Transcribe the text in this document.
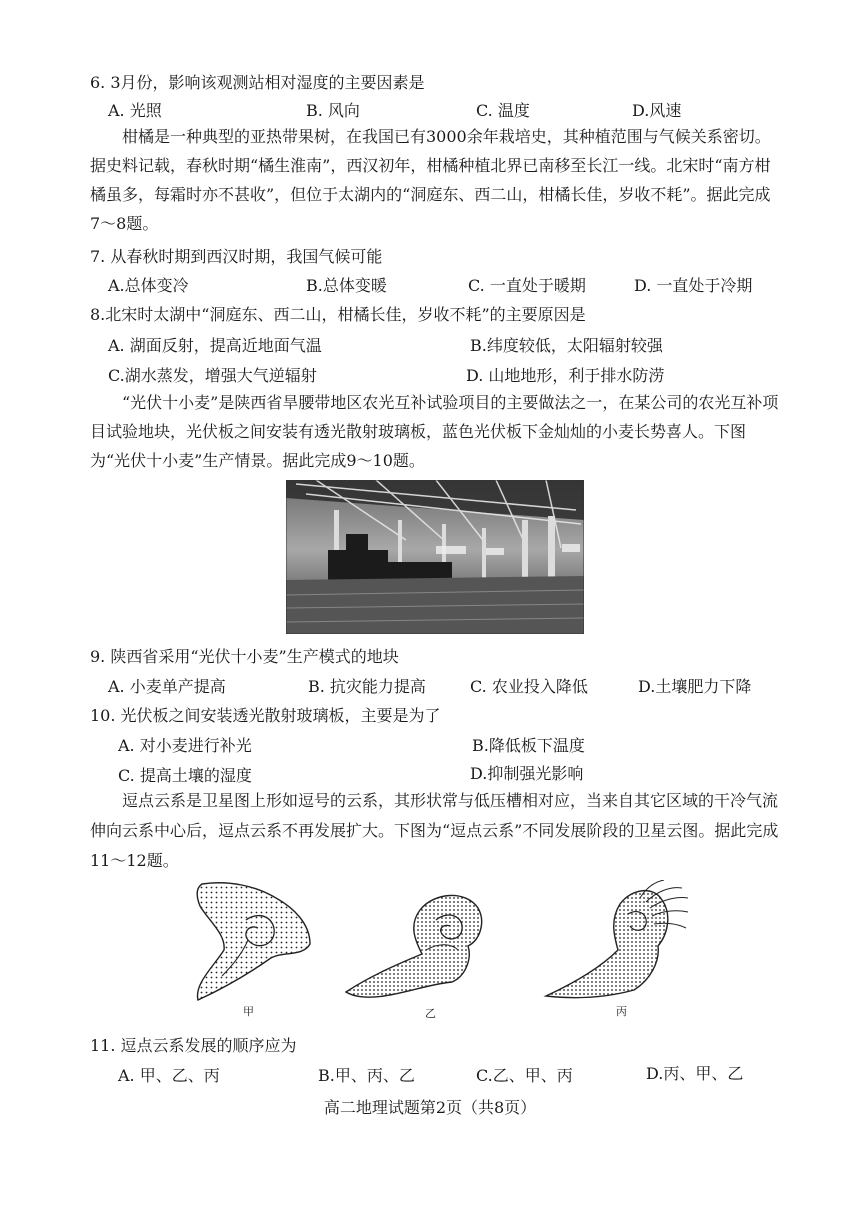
6. 3月份，影响该观测站相对湿度的主要因素是
A. 光照	B. 风向	C. 温度	D.风速
柑橘是一种典型的亚热带果树，在我国已有3000余年栽培史，其种植范围与气候关系密切。据史料记载，春秋时期“橘生淮南”，西汉初年，柑橘种植北界已南移至长江一线。北宋时“南方柑橘虽多，每霜时亦不甚收”，但位于太湖内的“洞庭东、西二山，柑橘长佳，岁收不耗”。据此完成7～8题。
7. 从春秋时期到西汉时期，我国气候可能
A.总体变冷	B.总体变暖	C. 一直处于暖期	D. 一直处于冷期
8.北宋时太湖中“洞庭东、西二山，柑橘长佳，岁收不耗”的主要原因是
A. 湖面反射，提高近地面气温	B.纬度较低，太阳辐射较强
C.湖水蒸发，增强大气逆辐射	D. 山地地形，利于排水防涝
“光伏十小麦”是陕西省旱腰带地区农光互补试验项目的主要做法之一，在某公司的农光互补项目试验地块，光伏板之间安装有透光散射玻璃板，蓝色光伏板下金灿灿的小麦长势喜人。下图为“光伏十小麦”生产情景。据此完成9～10题。
9. 陕西省采用“光伏十小麦”生产模式的地块
A. 小麦单产提高	B. 抗灾能力提高	C. 农业投入降低	D.土壤肥力下降
10. 光伏板之间安装透光散射玻璃板，主要是为了
A. 对小麦进行补光	B.降低板下温度
C. 提高土壤的湿度	D.抑制强光影响
逗点云系是卫星图上形如逗号的云系，其形状常与低压槽相对应，当来自其它区域的干冷气流伸向云系中心后，逗点云系不再发展扩大。下图为“逗点云系”不同发展阶段的卫星云图。据此完成11～12题。
甲	乙	丙
11. 逗点云系发展的顺序应为
A. 甲、乙、丙	B.甲、丙、乙	C.乙、甲、丙	D.丙、甲、乙
高二地理试题第2页（共8页）
